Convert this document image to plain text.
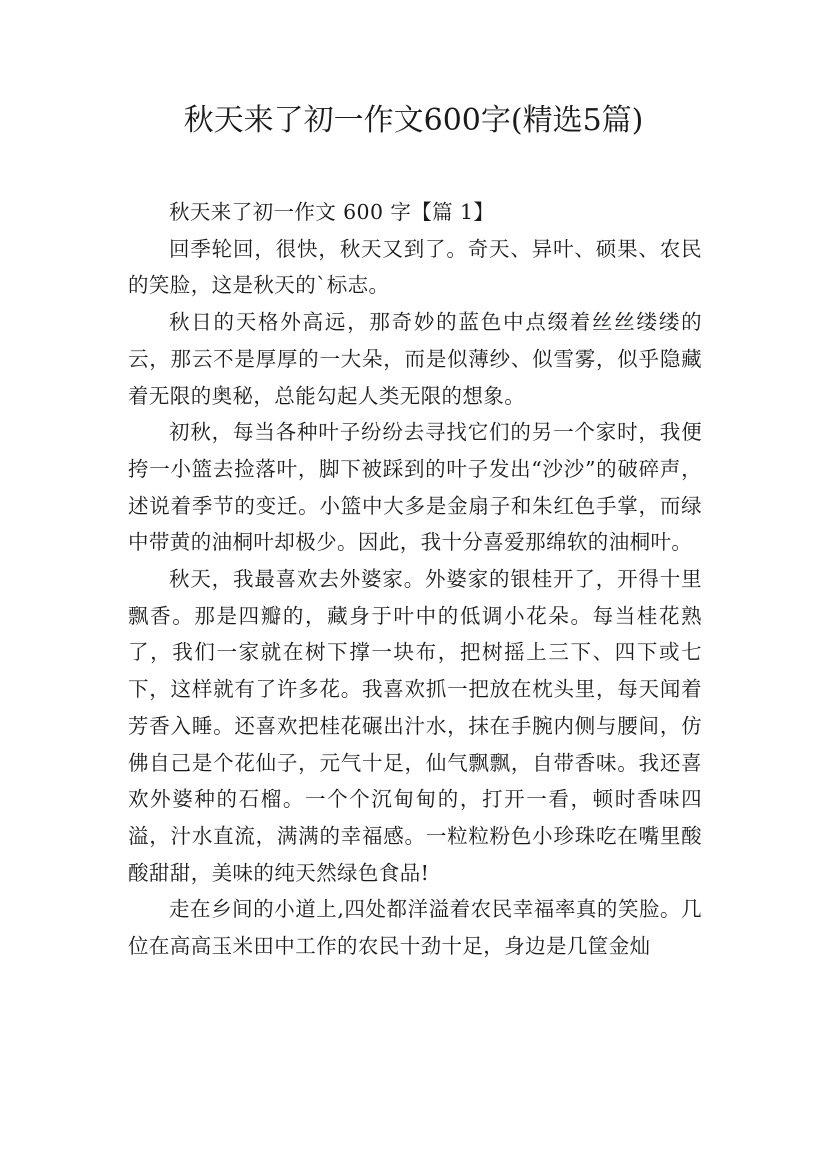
秋天来了初一作文600字(精选5篇)

秋天来了初一作文 600 字【篇 1】

回季轮回，很快，秋天又到了。奇天、异叶、硕果、农民的笑脸，这是秋天的`标志。

秋日的天格外高远，那奇妙的蓝色中点缀着丝丝缕缕的云，那云不是厚厚的一大朵，而是似薄纱、似雪雾，似乎隐藏着无限的奥秘，总能勾起人类无限的想象。

初秋，每当各种叶子纷纷去寻找它们的另一个家时，我便挎一小篮去捡落叶，脚下被踩到的叶子发出“沙沙”的破碎声，述说着季节的变迁。小篮中大多是金扇子和朱红色手掌，而绿中带黄的油桐叶却极少。因此，我十分喜爱那绵软的油桐叶。

秋天，我最喜欢去外婆家。外婆家的银桂开了，开得十里飘香。那是四瓣的，藏身于叶中的低调小花朵。每当桂花熟了，我们一家就在树下撑一块布，把树摇上三下、四下或七下，这样就有了许多花。我喜欢抓一把放在枕头里，每天闻着芳香入睡。还喜欢把桂花碾出汁水，抹在手腕内侧与腰间，仿佛自己是个花仙子，元气十足，仙气飘飘，自带香味。我还喜欢外婆种的石榴。一个个沉甸甸的，打开一看，顿时香味四溢，汁水直流，满满的幸福感。一粒粒粉色小珍珠吃在嘴里酸酸甜甜，美味的纯天然绿色食品!

走在乡间的小道上,四处都洋溢着农民幸福率真的笑脸。几位在高高玉米田中工作的农民十劲十足，身边是几筐金灿
